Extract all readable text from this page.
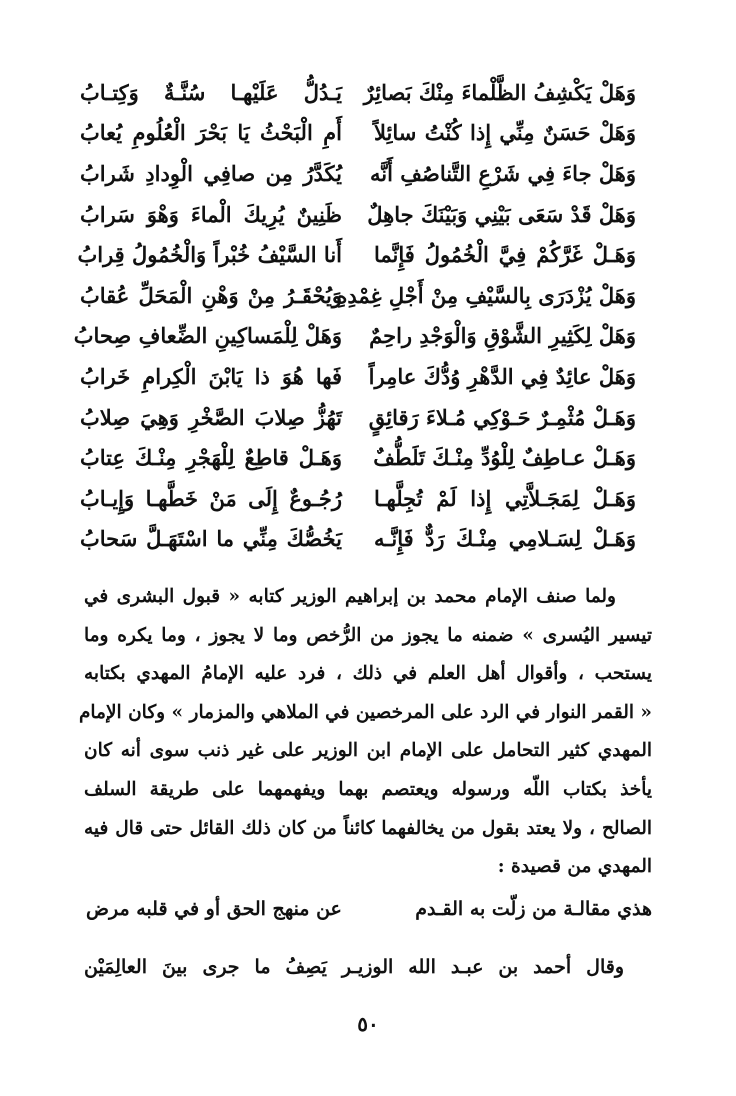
وَهَلْ يَكْشِفُ الظَّلْماءَ مِنْكَ بَصائِرٌ
يَـدُلُّ عَلَيْهـا سُنَّـةٌ وَكِتـابُ
وَهَلْ حَسَنٌ مِنِّي إِذا كُنْتُ سائِلاً
أَمِ الْبَحْثُ يَا بَحْرَ الْعُلُومِ يُعابُ
وَهَلْ جاءَ فِي شَرْعِ التَّناصُفِ أَنَّه
يُكَدَّرُ مِن صافِي الْوِدادِ شَرابُ
وَهَلْ قَدْ سَعَى بَيْنِي وَبَيْنَكَ جاهِلٌ
ظَنِينٌ يُرِيكَ الْماءَ وَهْوَ سَرابُ
وَهَـلْ غَرَّكُمْ فِيَّ الْخُمُولُ فَإِنَّما
أَنا السَّيْفُ خُبْراً وَالْخُمُولُ قِرابُ
وَهَلْ يُزْدَرَى بِالسَّيْفِ مِنْ أَجْلِ غِمْدِهِ
وَيُحْقَـرُ مِنْ وَهْنِ الْمَحَلِّ عُقابُ
وَهَلْ لِكَثِيرِ الشَّوْقِ وَالْوَجْدِ راحِمٌ
وَهَلْ لِلْمَساكِينِ الضِّعافِ صِحابُ
وَهَلْ عائِدٌ فِي الدَّهْرِ وُدُّكَ عامِراً
فَها هُوَ ذا يَابْنَ الْكِرامِ خَرابُ
وَهَـلْ مُثْمِـرٌ حَـوْكِي مُـلاءَ رَقائِقٍ
تَهُزُّ صِلابَ الصَّخْرِ وَهِيَ صِلابُ
وَهَـلْ عـاطِفٌ لِلْوُدِّ مِنْـكَ تَلَطُّفٌ
وَهَـلْ قاطِعٌ لِلْهَجْرِ مِنْـكَ عِتابُ
وَهَـلْ لِمَجَـلاَّتِي إِذا لَمْ تُجِلَّهـا
رُجُـوعٌ إِلَى مَنْ خَطَّهـا وَإِيـابُ
وَهَـلْ لِسَـلامِي مِنْـكَ رَدٌّ فَإِنَّـه
يَخُصُّكَ مِنِّي ما اسْتَهَـلَّ سَحابُ
ولما صنف الإمام محمد بن إبراهيم الوزير كتابه « قبول البشرى في
تيسير اليُسرى » ضمنه ما يجوز من الرُّخص وما لا يجوز ، وما يكره وما
يستحب ، وأقوال أهل العلم في ذلك ، فرد عليه الإمامُ المهدي بكتابه
« القمر النوار في الرد على المرخصين في الملاهي والمزمار » وكان الإمام
المهدي كثير التحامل على الإمام ابن الوزير على غير ذنب سوى أنه كان
يأخذ بكتاب اللّه ورسوله ويعتصم بهما ويفهمهما على طريقة السلف
الصالح ، ولا يعتد بقول من يخالفهما كائناً من كان ذلك القائل حتى قال فيه
المهدي من قصيدة :
هذي مقالـة من زلّت به القـدم
عن منهج الحق أو في قلبه مرض
وقال أحمد بن عبـد الله الوزيـر يَصِفُ ما جرى بينَ العالِمَيْن
٥٠
